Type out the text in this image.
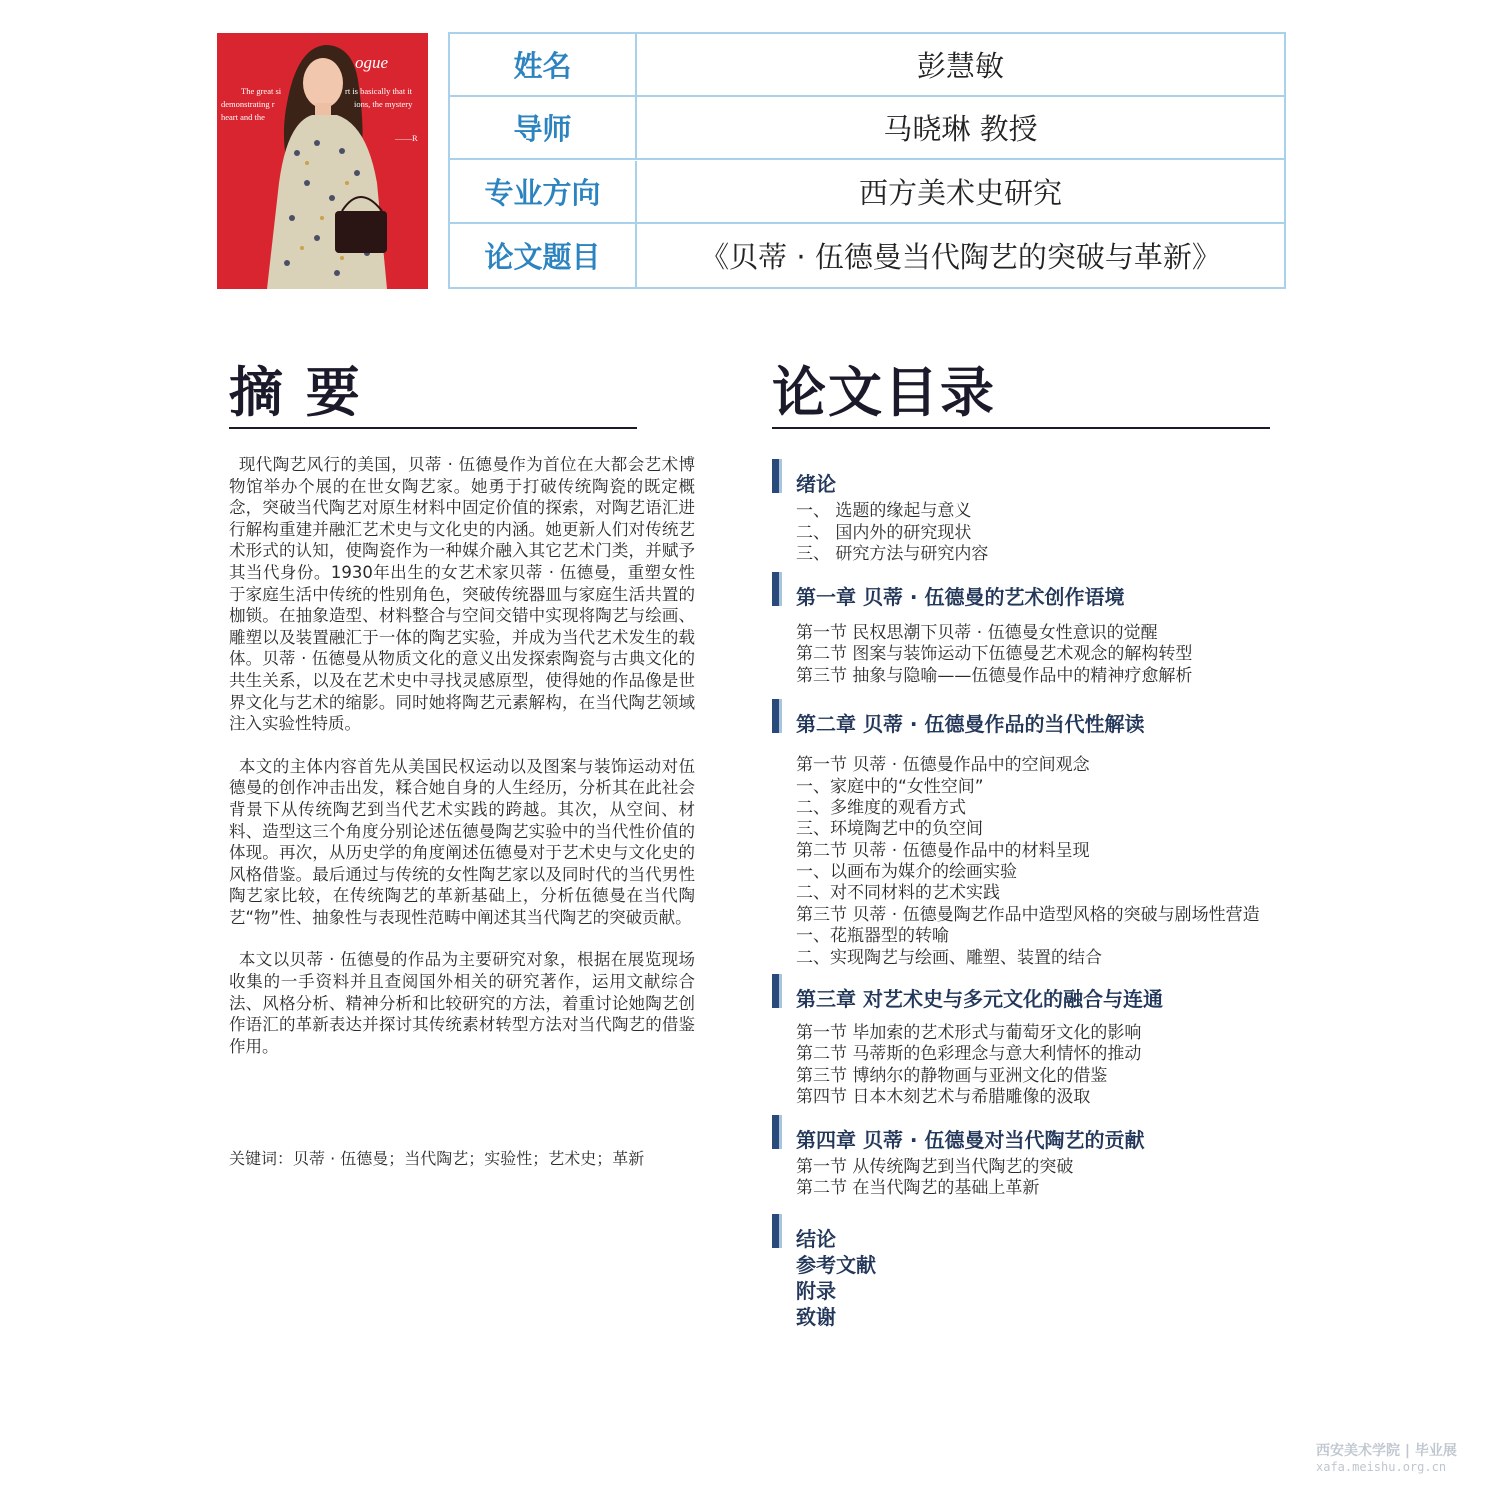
ogue
The great si	rt is basically that it
demonstrating r	ions, the mystery
heart and the
——R
姓名	彭慧敏
导师	马晓琳 教授
专业方向	西方美术史研究
论文题目	《贝蒂 · 伍德曼当代陶艺的突破与革新》
摘 要

现代陶艺风行的美国，贝蒂 · 伍德曼作为首位在大都会艺术博物馆举办个展的在世女陶艺家。她勇于打破传统陶瓷的既定概念，突破当代陶艺对原生材料中固定价值的探索，对陶艺语汇进行解构重建并融汇艺术史与文化史的内涵。她更新人们对传统艺术形式的认知，使陶瓷作为一种媒介融入其它艺术门类，并赋予其当代身份。1930年出生的女艺术家贝蒂 · 伍德曼，重塑女性于家庭生活中传统的性别角色，突破传统器皿与家庭生活共置的枷锁。在抽象造型、材料整合与空间交错中实现将陶艺与绘画、雕塑以及装置融汇于一体的陶艺实验，并成为当代艺术发生的载体。贝蒂 · 伍德曼从物质文化的意义出发探索陶瓷与古典文化的共生关系，以及在艺术史中寻找灵感原型，使得她的作品像是世界文化与艺术的缩影。同时她将陶艺元素解构，在当代陶艺领域注入实验性特质。

本文的主体内容首先从美国民权运动以及图案与装饰运动对伍德曼的创作冲击出发，糅合她自身的人生经历，分析其在此社会背景下从传统陶艺到当代艺术实践的跨越。其次，从空间、材料、造型这三个角度分别论述伍德曼陶艺实验中的当代性价值的体现。再次，从历史学的角度阐述伍德曼对于艺术史与文化史的风格借鉴。最后通过与传统的女性陶艺家以及同时代的当代男性陶艺家比较，在传统陶艺的革新基础上，分析伍德曼在当代陶艺“物”性、抽象性与表现性范畴中阐述其当代陶艺的突破贡献。

本文以贝蒂 · 伍德曼的作品为主要研究对象，根据在展览现场收集的一手资料并且查阅国外相关的研究著作，运用文献综合法、风格分析、精神分析和比较研究的方法，着重讨论她陶艺创作语汇的革新表达并探讨其传统素材转型方法对当代陶艺的借鉴作用。

关键词：贝蒂 · 伍德曼；当代陶艺；实验性；艺术史；革新
论文目录
绪论
一、 选题的缘起与意义
二、 国内外的研究现状
三、 研究方法与研究内容
第一章 贝蒂 · 伍德曼的艺术创作语境
第一节 民权思潮下贝蒂 · 伍德曼女性意识的觉醒
第二节 图案与装饰运动下伍德曼艺术观念的解构转型
第三节 抽象与隐喻——伍德曼作品中的精神疗愈解析
第二章 贝蒂 · 伍德曼作品的当代性解读
第一节 贝蒂 · 伍德曼作品中的空间观念
一、家庭中的“女性空间”
二、多维度的观看方式
三、环境陶艺中的负空间
第二节 贝蒂 · 伍德曼作品中的材料呈现
一、以画布为媒介的绘画实验
二、对不同材料的艺术实践
第三节 贝蒂 · 伍德曼陶艺作品中造型风格的突破与剧场性营造
一、花瓶器型的转喻
二、实现陶艺与绘画、雕塑、装置的结合
第三章 对艺术史与多元文化的融合与连通
第一节 毕加索的艺术形式与葡萄牙文化的影响
第二节 马蒂斯的色彩理念与意大利情怀的推动
第三节 博纳尔的静物画与亚洲文化的借鉴
第四节 日本木刻艺术与希腊雕像的汲取
第四章 贝蒂 · 伍德曼对当代陶艺的贡献
第一节 从传统陶艺到当代陶艺的突破
第二节 在当代陶艺的基础上革新
结论
参考文献
附录
致谢
西安美术学院 | 毕业展
xafa.meishu.org.cn
